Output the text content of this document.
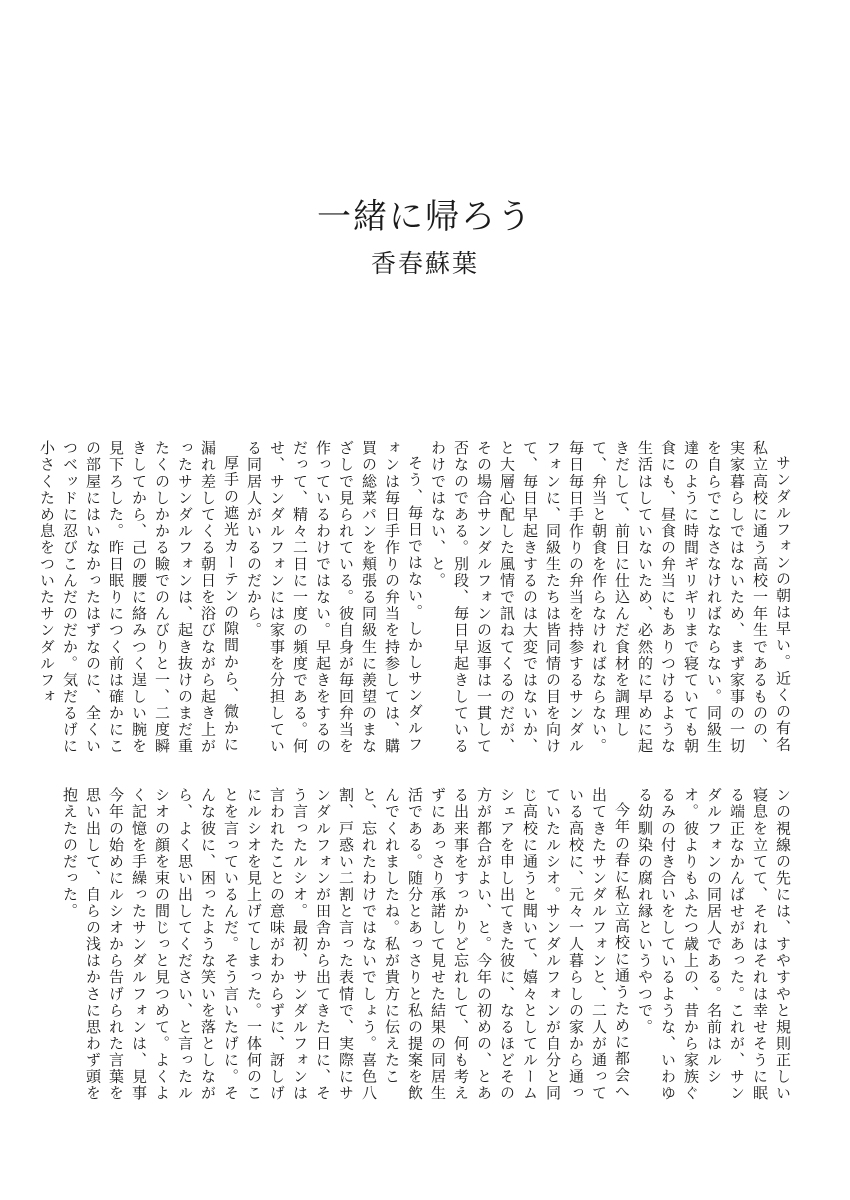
一緒に帰ろう
香春蘇葉

サンダルフォンの朝は早い。近くの有名私立高校に通う高校一年生であるものの、実家暮らしではないため、まず家事の一切を自らでこなさなければならない。同級生達のように時間ギリギリまで寝ていても朝食にも、昼食の弁当にもありつけるような生活はしていないため、必然的に早めに起きだして、前日に仕込んだ食材を調理して、弁当と朝食を作らなければならない。毎日毎日手作りの弁当を持参するサンダルフォンに、同級生たちは皆同情の目を向けて、毎日早起きするのは大変ではないか、と大層心配した風情で訊ねてくるのだが、その場合サンダルフォンの返事は一貫して否なのである。別段、毎日早起きしているわけではない、と。

そう、毎日ではない。しかしサンダルフォンは毎日手作りの弁当を持参しては、購買の総菜パンを頬張る同級生に羨望のまなざしで見られている。彼自身が毎回弁当を作っているわけではない。早起きをするのだって、精々二日に一度の頻度である。何せ、サンダルフォンには家事を分担している同居人がいるのだから。

厚手の遮光カーテンの隙間から、微かに漏れ差してくる朝日を浴びながら起き上がったサンダルフォンは、起き抜けのまだ重たくのしかかる瞼でのんびりと一、二度瞬きしてから、己の腰に絡みつく逞しい腕を見下ろした。昨日眠りにつく前は確かにこの部屋にはいなかったはずなのに、全くいつベッドに忍びこんだのだか。気だるげに小さくため息をついたサンダルフォ

ンの視線の先には、すやすやと規則正しい寝息を立てて、それはそれは幸せそうに眠る端正なかんばせがあった。これが、サンダルフォンの同居人である。名前はルシオ。彼よりもふたつ歳上の、昔から家族ぐるみの付き合いをしているような、いわゆる幼馴染の腐れ縁というやつで。

今年の春に私立高校に通うために都会へ出てきたサンダルフォンと、二人が通っている高校に、元々一人暮らしの家から通っていたルシオ。サンダルフォンが自分と同じ高校に通うと聞いて、嬉々としてルームシェアを申し出てきた彼に、なるほどその方が都合がよい、と。今年の初めの、とある出来事をすっかりど忘れして、何も考えずにあっさり承諾して見せた結果の同居生活である。随分とあっさりと私の提案を飲んでくれましたね。私が貴方に伝えたこと、忘れたわけではないでしょう。喜色八割、戸惑い二割と言った表情で、実際にサンダルフォンが田舎から出てきた日に、そう言ったルシオ。最初、サンダルフォンは言われたことの意味がわからずに、訝しげにルシオを見上げてしまった。一体何のことを言っているんだ。そう言いたげに。そんな彼に、困ったような笑いを落としながら、よく思い出してください、と言ったルシオの顔を束の間じっと見つめて。よくよく記憶を手繰ったサンダルフォンは、見事今年の始めにルシオから告げられた言葉を思い出して、自らの浅はかさに思わず頭を抱えたのだった。
